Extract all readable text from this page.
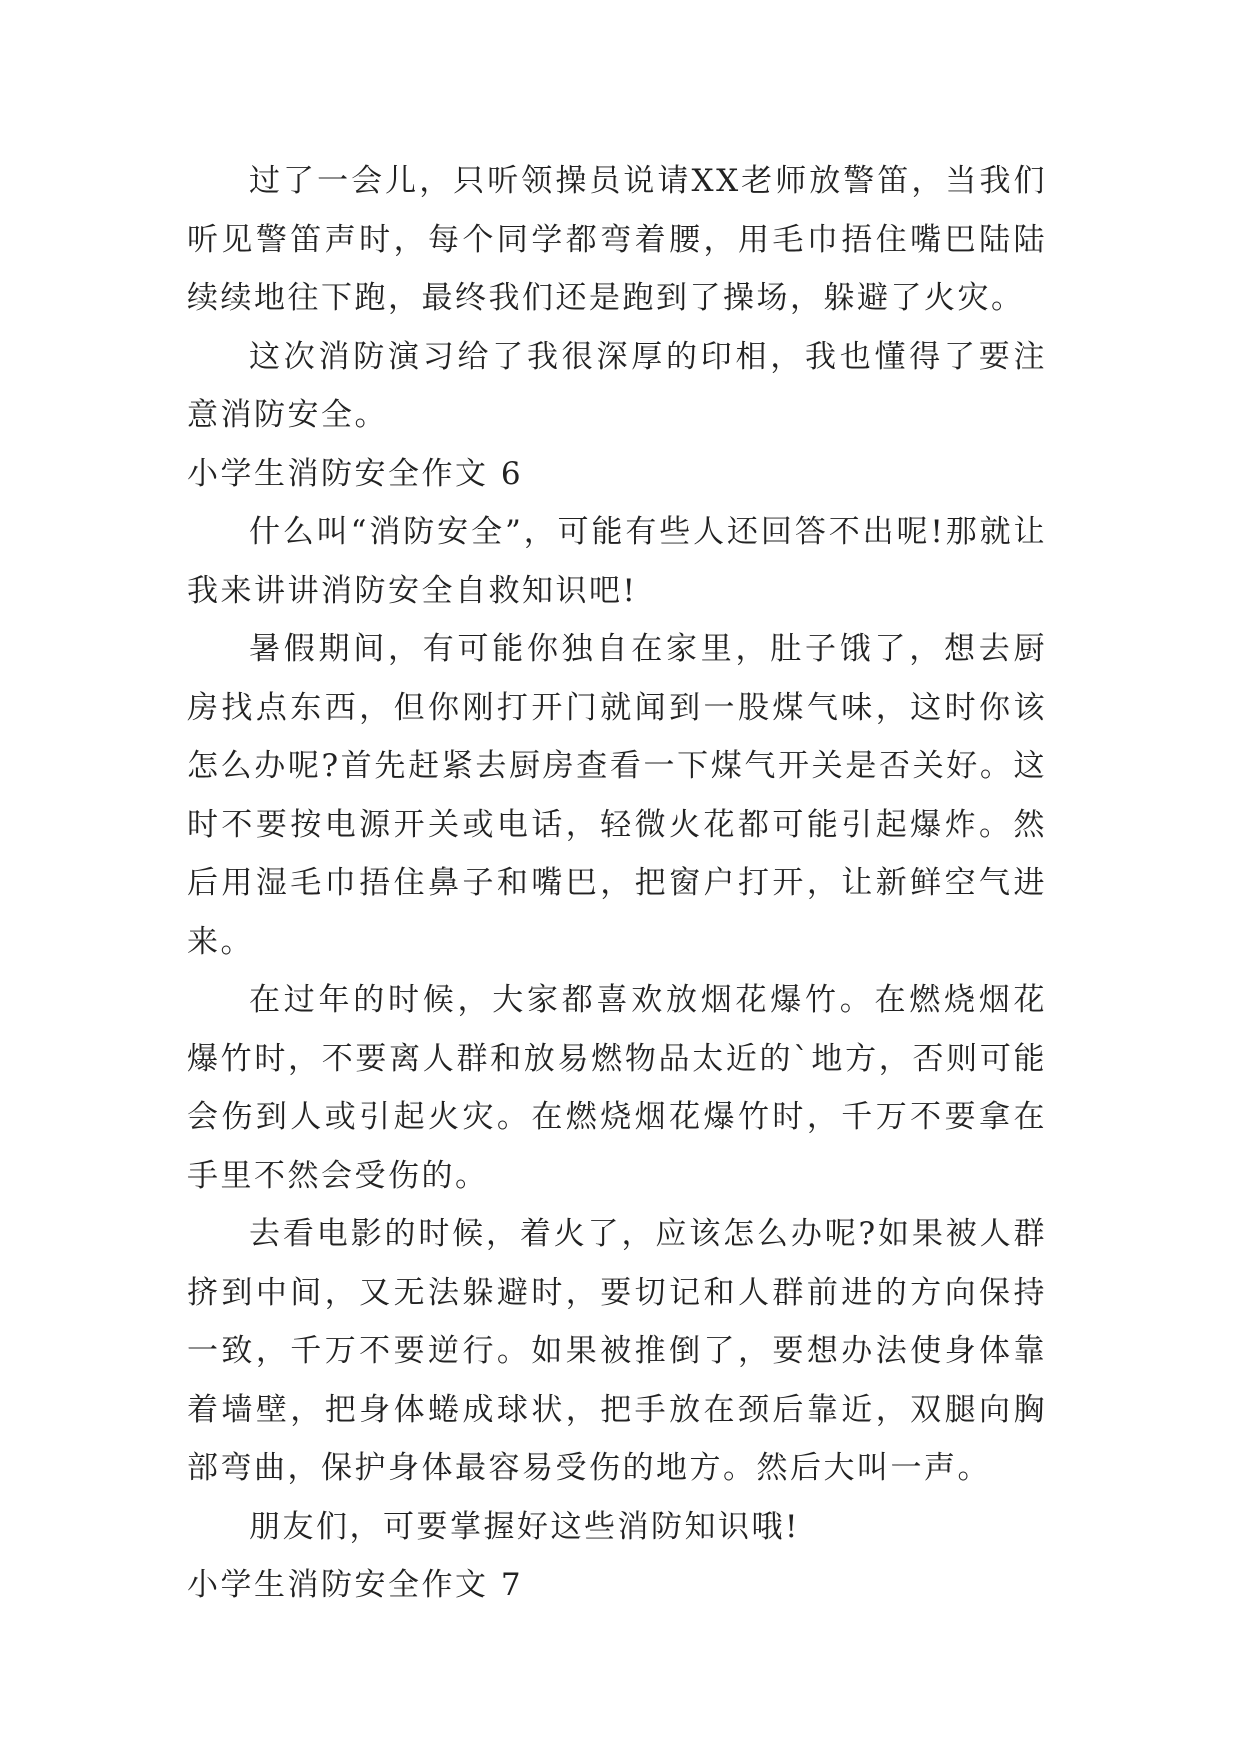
过了一会儿，只听领操员说请XX老师放警笛，当我们听见警笛声时，每个同学都弯着腰，用毛巾捂住嘴巴陆陆续续地往下跑，最终我们还是跑到了操场，躲避了火灾。

这次消防演习给了我很深厚的印相，我也懂得了要注意消防安全。

小学生消防安全作文 6

什么叫“消防安全”，可能有些人还回答不出呢!那就让我来讲讲消防安全自救知识吧!

暑假期间，有可能你独自在家里，肚子饿了，想去厨房找点东西，但你刚打开门就闻到一股煤气味，这时你该怎么办呢?首先赶紧去厨房查看一下煤气开关是否关好。这时不要按电源开关或电话，轻微火花都可能引起爆炸。然后用湿毛巾捂住鼻子和嘴巴，把窗户打开，让新鲜空气进来。

在过年的时候，大家都喜欢放烟花爆竹。在燃烧烟花爆竹时，不要离人群和放易燃物品太近的`地方，否则可能会伤到人或引起火灾。在燃烧烟花爆竹时，千万不要拿在手里不然会受伤的。

去看电影的时候，着火了，应该怎么办呢?如果被人群挤到中间，又无法躲避时，要切记和人群前进的方向保持一致，千万不要逆行。如果被推倒了，要想办法使身体靠着墙壁，把身体蜷成球状，把手放在颈后靠近，双腿向胸部弯曲，保护身体最容易受伤的地方。然后大叫一声。

朋友们，可要掌握好这些消防知识哦!

小学生消防安全作文 7
